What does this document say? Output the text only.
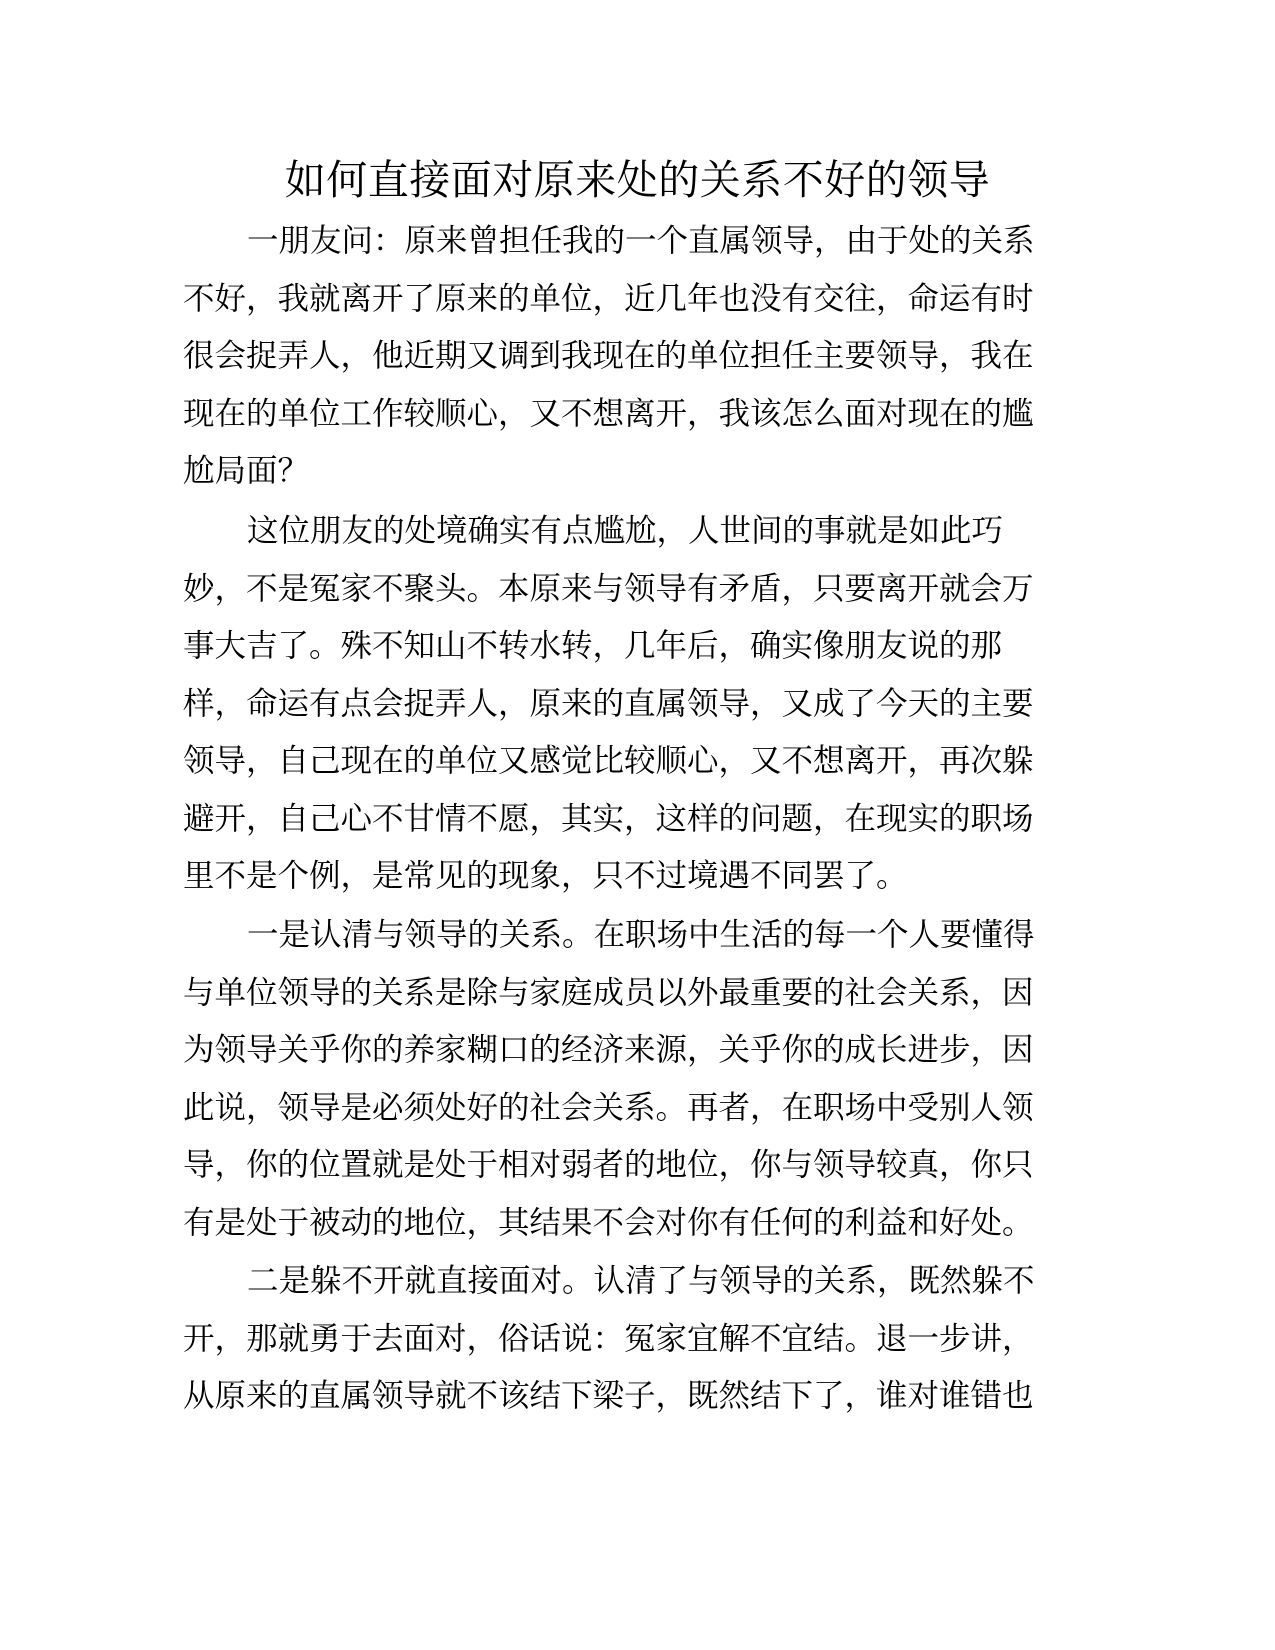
如何直接面对原来处的关系不好的领导

一朋友问：原来曾担任我的一个直属领导，由于处的关系
不好，我就离开了原来的单位，近几年也没有交往，命运有时
很会捉弄人，他近期又调到我现在的单位担任主要领导，我在
现在的单位工作较顺心，又不想离开，我该怎么面对现在的尴
尬局面？

这位朋友的处境确实有点尴尬，人世间的事就是如此巧
妙，不是冤家不聚头。本原来与领导有矛盾，只要离开就会万
事大吉了。殊不知山不转水转，几年后，确实像朋友说的那
样，命运有点会捉弄人，原来的直属领导，又成了今天的主要
领导，自己现在的单位又感觉比较顺心，又不想离开，再次躲
避开，自己心不甘情不愿，其实，这样的问题，在现实的职场
里不是个例，是常见的现象，只不过境遇不同罢了。

一是认清与领导的关系。在职场中生活的每一个人要懂得
与单位领导的关系是除与家庭成员以外最重要的社会关系，因
为领导关乎你的养家糊口的经济来源，关乎你的成长进步，因
此说，领导是必须处好的社会关系。再者，在职场中受别人领
导，你的位置就是处于相对弱者的地位，你与领导较真，你只
有是处于被动的地位，其结果不会对你有任何的利益和好处。

二是躲不开就直接面对。认清了与领导的关系，既然躲不
开，那就勇于去面对，俗话说：冤家宜解不宜结。退一步讲，
从原来的直属领导就不该结下梁子，既然结下了，谁对谁错也
